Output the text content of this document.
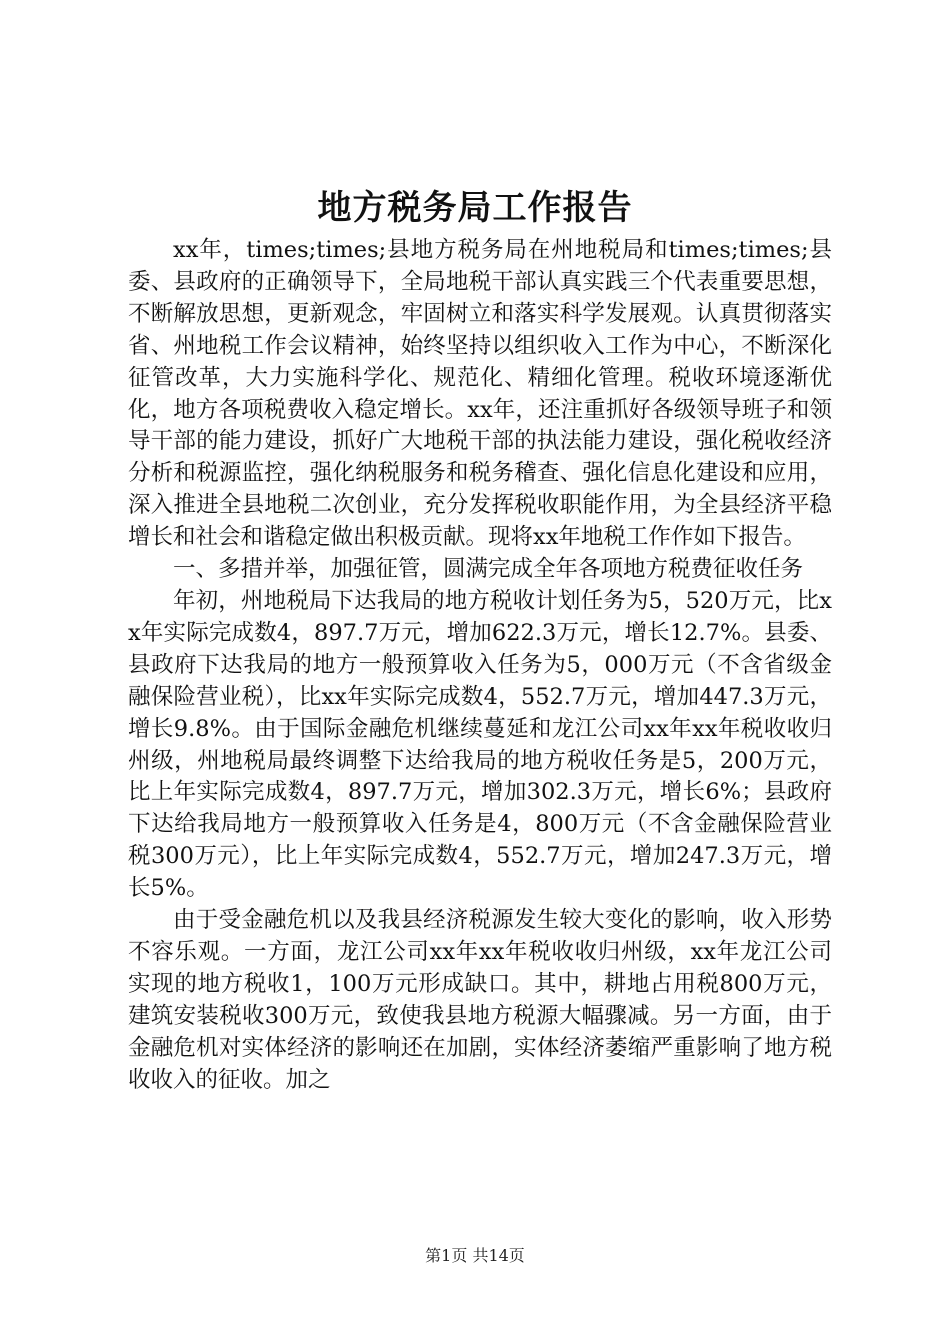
地方税务局工作报告

xx年，times;times;县地方税务局在州地税局和times;times;县委、县政府的正确领导下，全局地税干部认真实践三个代表重要思想，不断解放思想，更新观念，牢固树立和落实科学发展观。认真贯彻落实省、州地税工作会议精神，始终坚持以组织收入工作为中心，不断深化征管改革，大力实施科学化、规范化、精细化管理。税收环境逐渐优化，地方各项税费收入稳定增长。xx年，还注重抓好各级领导班子和领导干部的能力建设，抓好广大地税干部的执法能力建设，强化税收经济分析和税源监控，强化纳税服务和税务稽查、强化信息化建设和应用，深入推进全县地税二次创业，充分发挥税收职能作用，为全县经济平稳增长和社会和谐稳定做出积极贡献。现将xx年地税工作作如下报告。

一、多措并举，加强征管，圆满完成全年各项地方税费征收任务

年初，州地税局下达我局的地方税收计划任务为5，520万元，比xx年实际完成数4，897.7万元，增加622.3万元，增长12.7%。县委、县政府下达我局的地方一般预算收入任务为5，000万元（不含省级金融保险营业税），比xx年实际完成数4，552.7万元，增加447.3万元，增长9.8%。由于国际金融危机继续蔓延和龙江公司xx年xx年税收收归州级，州地税局最终调整下达给我局的地方税收任务是5，200万元，比上年实际完成数4，897.7万元，增加302.3万元，增长6%；县政府下达给我局地方一般预算收入任务是4，800万元（不含金融保险营业税300万元），比上年实际完成数4，552.7万元，增加247.3万元，增长5%。

由于受金融危机以及我县经济税源发生较大变化的影响，收入形势不容乐观。一方面，龙江公司xx年xx年税收收归州级，xx年龙江公司实现的地方税收1，100万元形成缺口。其中，耕地占用税800万元，建筑安装税收300万元，致使我县地方税源大幅骤减。另一方面，由于金融危机对实体经济的影响还在加剧，实体经济萎缩严重影响了地方税收收入的征收。加之

第1页 共14页
